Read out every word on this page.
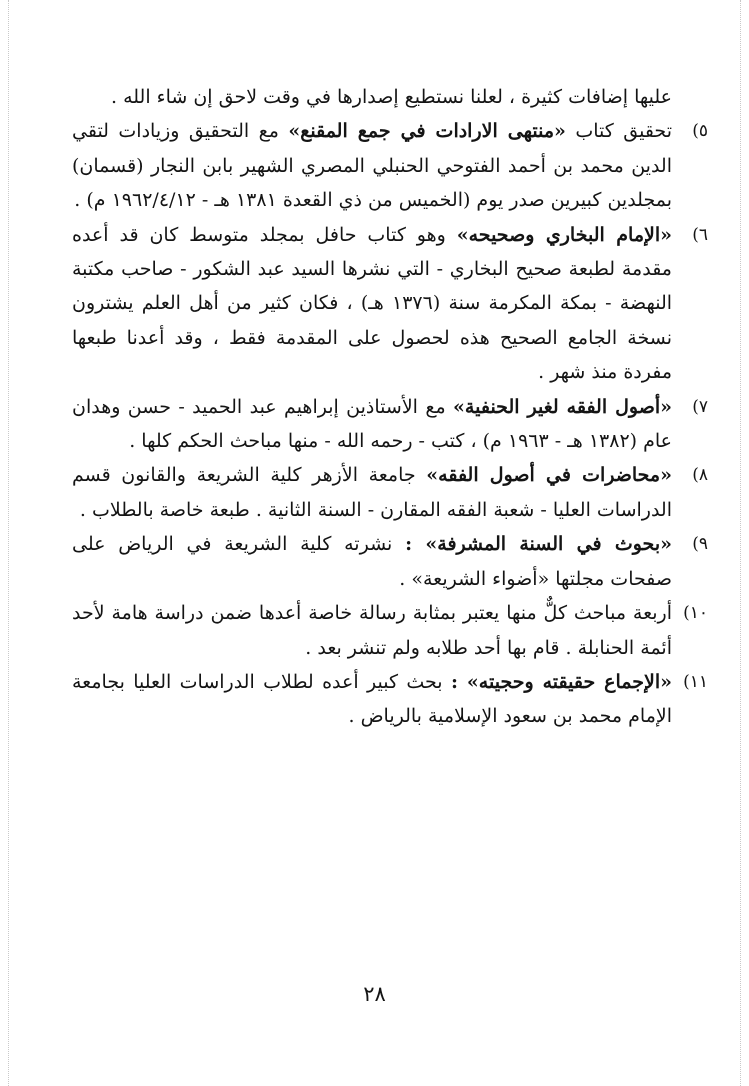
عليها إضافات كثيرة ، لعلنا نستطيع إصدارها في وقت لاحق إن شاء الله .

٥)

تحقيق كتاب «منتهى الارادات في جمع المقنع» مع التحقيق وزيادات لتقي الدين محمد بن أحمد الفتوحي الحنبلي المصري الشهير بابن النجار (قسمان) بمجلدين كبيرين صدر يوم (الخميس من ذي القعدة ١٣٨١ هـ - ١٩٦٢/٤/١٢ م) .

٦)

«الإمام البخاري وصحيحه» وهو كتاب حافل بمجلد متوسط كان قد أعده مقدمة لطبعة صحيح البخاري - التي نشرها السيد عبد الشكور - صاحب مكتبة النهضة - بمكة المكرمة سنة (١٣٧٦ هـ) ، فكان كثير من أهل العلم يشترون نسخة الجامع الصحيح هذه لحصول على المقدمة فقط ، وقد أعدنا طبعها مفردة منذ شهر .

٧)

«أصول الفقه لغير الحنفية» مع الأستاذين إبراهيم عبد الحميد - حسن وهدان عام (١٣٨٢ هـ - ١٩٦٣ م) ، كتب - رحمه الله - منها مباحث الحكم كلها .

٨)

«محاضرات في أصول الفقه» جامعة الأزهر كلية الشريعة والقانون قسم الدراسات العليا - شعبة الفقه المقارن - السنة الثانية . طبعة خاصة بالطلاب .

٩)

«بحوث في السنة المشرفة» : نشرته كلية الشريعة في الرياض على صفحات مجلتها «أضواء الشريعة» .

١٠)

أربعة مباحث كلٌّ منها يعتبر بمثابة رسالة خاصة أعدها ضمن دراسة هامة لأحد أئمة الحنابلة . قام بها أحد طلابه ولم تنشر بعد .

١١)

«الإجماع حقيقته وحجيته» : بحث كبير أعده لطلاب الدراسات العليا بجامعة الإمام محمد بن سعود الإسلامية بالرياض .

٢٨
